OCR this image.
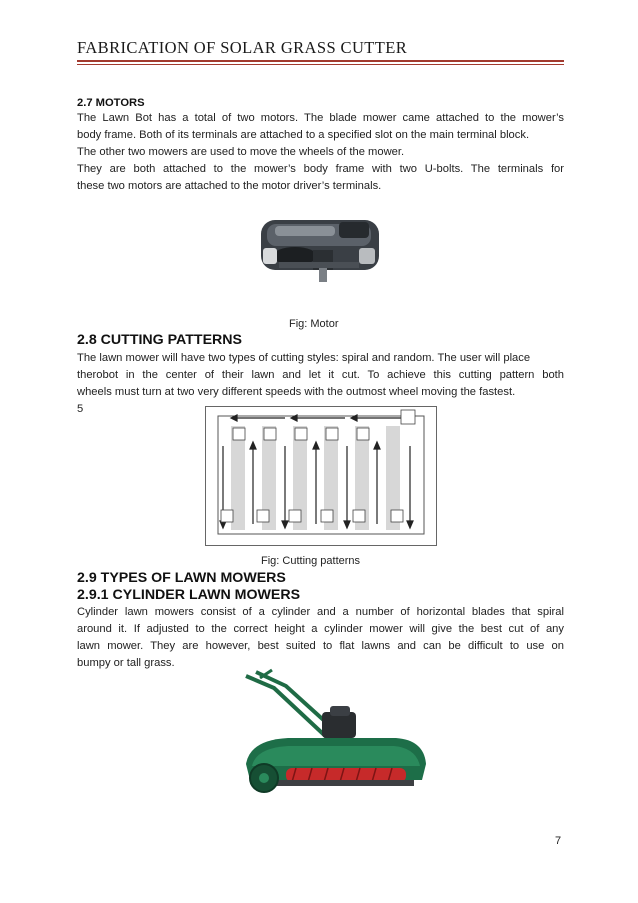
FABRICATION OF SOLAR GRASS CUTTER
2.7 MOTORS
The Lawn Bot has a total of two motors. The blade mower came attached to the mower’s
body frame. Both of its terminals are attached to a specified slot on the main terminal block.
The other two mowers are used to move the wheels of the mower.
They are both attached to the mower’s body frame with two U-bolts. The terminals for
these two motors are attached to the motor driver’s terminals.
Fig: Motor
2.8 CUTTING PATTERNS
The lawn mower will have two types of cutting styles: spiral and random. The user will place
therobot in the center of their lawn and let it cut. To achieve this cutting pattern both
wheels must turn at two very different speeds with the outmost wheel moving the fastest.
5
Fig: Cutting patterns
2.9 TYPES OF LAWN MOWERS
2.9.1 CYLINDER LAWN MOWERS
Cylinder lawn mowers consist of a cylinder and a number of horizontal blades that spiral
around it. If adjusted to the correct height a cylinder mower will give the best cut of any
lawn mower. They are however, best suited to flat lawns and can be difficult to use on
bumpy or tall grass.
7
